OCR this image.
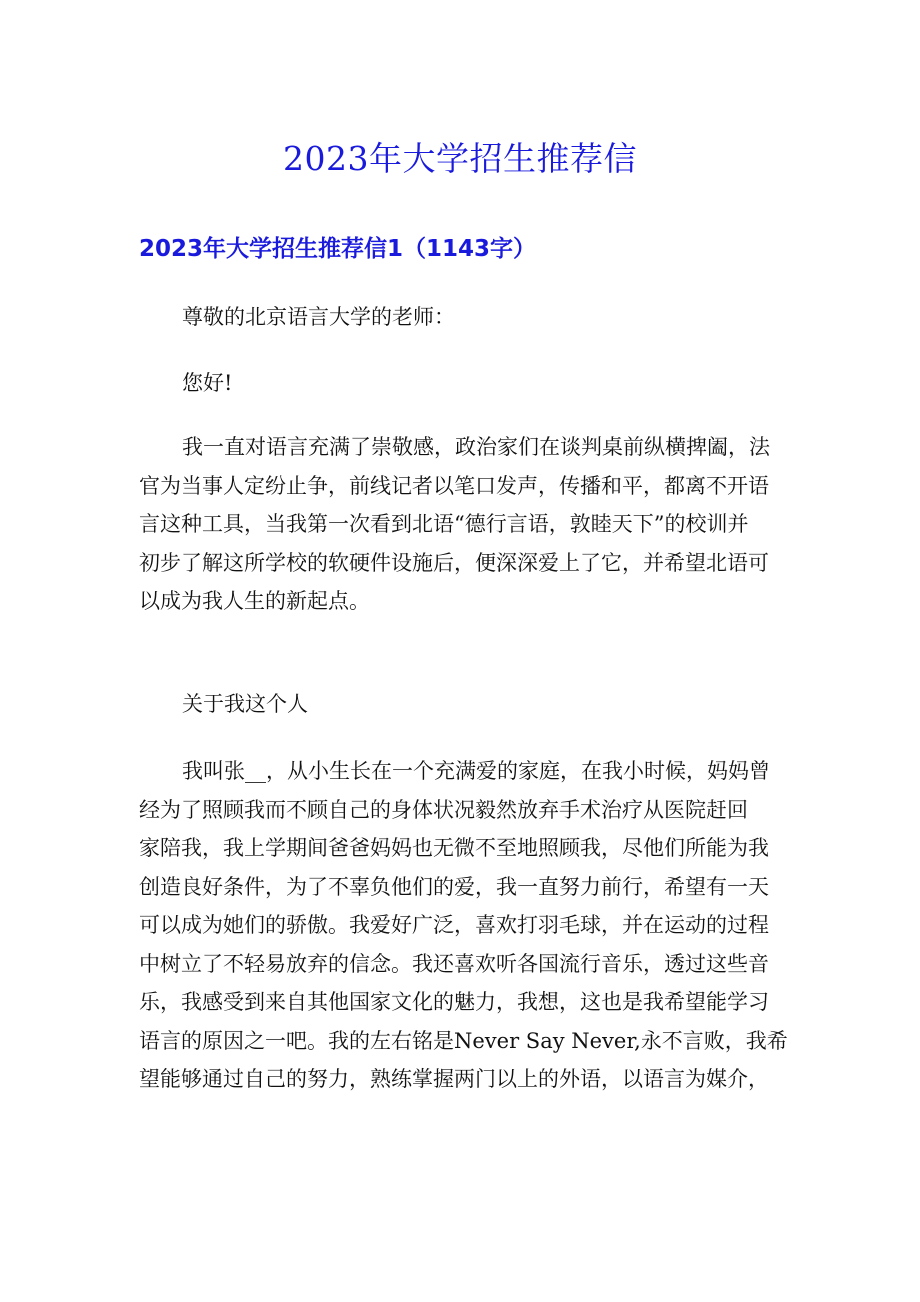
2023年大学招生推荐信
2023年大学招生推荐信1（1143字）
尊敬的北京语言大学的老师：
您好!
我一直对语言充满了崇敬感，政治家们在谈判桌前纵横捭阖，法
官为当事人定纷止争，前线记者以笔口发声，传播和平，都离不开语
言这种工具，当我第一次看到北语“德行言语，敦睦天下”的校训并
初步了解这所学校的软硬件设施后，便深深爱上了它，并希望北语可
以成为我人生的新起点。
关于我这个人
我叫张__，从小生长在一个充满爱的家庭，在我小时候，妈妈曾
经为了照顾我而不顾自己的身体状况毅然放弃手术治疗从医院赶回
家陪我，我上学期间爸爸妈妈也无微不至地照顾我，尽他们所能为我
创造良好条件，为了不辜负他们的爱，我一直努力前行，希望有一天
可以成为她们的骄傲。我爱好广泛，喜欢打羽毛球，并在运动的过程
中树立了不轻易放弃的信念。我还喜欢听各国流行音乐，透过这些音
乐，我感受到来自其他国家文化的魅力，我想，这也是我希望能学习
语言的原因之一吧。我的左右铭是Never Say Never,永不言败，我希
望能够通过自己的努力，熟练掌握两门以上的外语，以语言为媒介，
